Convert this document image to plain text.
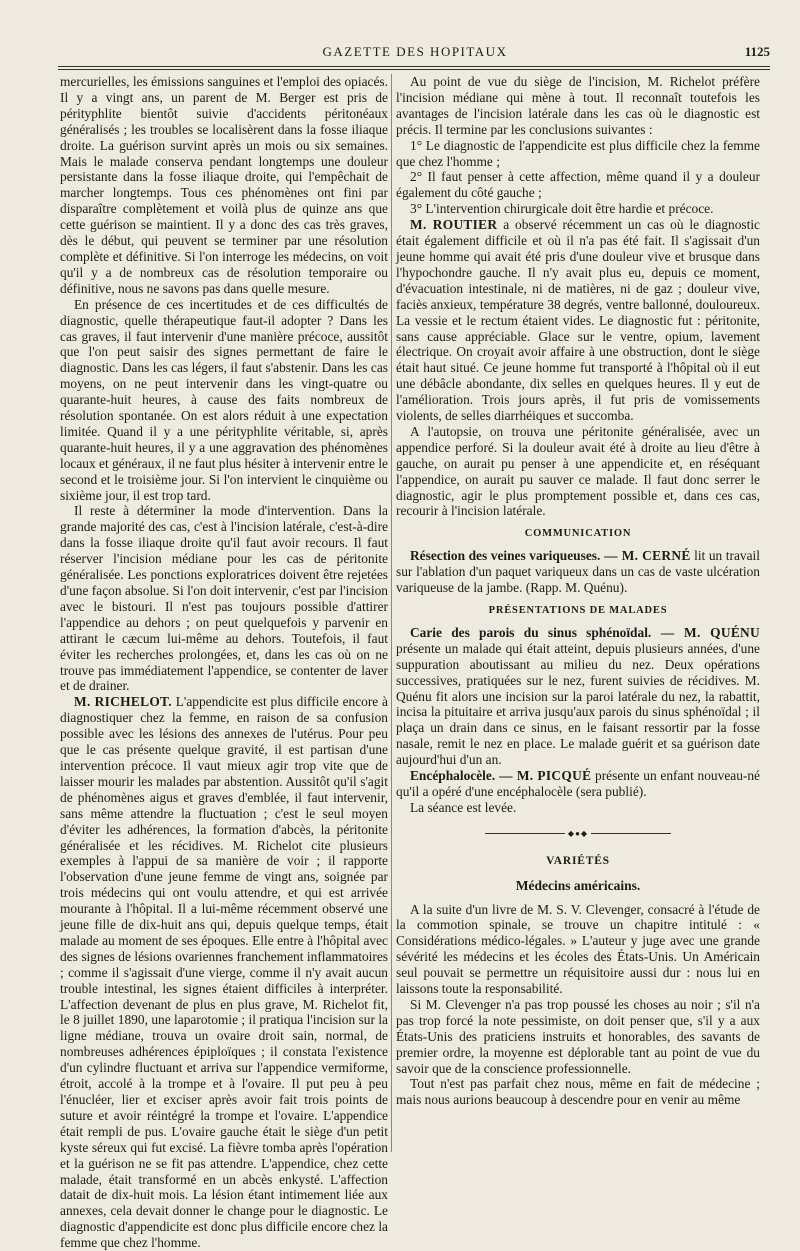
GAZETTE DES HOPITAUX	1125

mercurielles, les émissions sanguines et l'emploi des opiacés. Il y a vingt ans, un parent de M. Berger est pris de pérityphlite bientôt suivie d'accidents péritonéaux généralisés ; les troubles se localisèrent dans la fosse iliaque droite. La guérison survint après un mois ou six semaines. Mais le malade conserva pendant longtemps une douleur persistante dans la fosse iliaque droite, qui l'empêchait de marcher longtemps. Tous ces phénomènes ont fini par disparaître complètement et voilà plus de quinze ans que cette guérison se maintient. Il y a donc des cas très graves, dès le début, qui peuvent se terminer par une résolution complète et définitive. Si l'on interroge les médecins, on voit qu'il y a de nombreux cas de résolution temporaire ou définitive, nous ne savons pas dans quelle mesure.

En présence de ces incertitudes et de ces difficultés de diagnostic, quelle thérapeutique faut-il adopter ? Dans les cas graves, il faut intervenir d'une manière précoce, aussitôt que l'on peut saisir des signes permettant de faire le diagnostic. Dans les cas légers, il faut s'abstenir. Dans les cas moyens, on ne peut intervenir dans les vingt-quatre ou quarante-huit heures, à cause des faits nombreux de résolution spontanée. On est alors réduit à une expectation limitée. Quand il y a une pérityphlite véritable, si, après quarante-huit heures, il y a une aggravation des phénomènes locaux et généraux, il ne faut plus hésiter à intervenir entre le second et le troisième jour. Si l'on intervient le cinquième ou sixième jour, il est trop tard.

Il reste à déterminer la mode d'intervention. Dans la grande majorité des cas, c'est à l'incision latérale, c'est-à-dire dans la fosse iliaque droite qu'il faut avoir recours. Il faut réserver l'incision médiane pour les cas de péritonite généralisée. Les ponctions exploratrices doivent être rejetées d'une façon absolue. Si l'on doit intervenir, c'est par l'incision avec le bistouri. Il n'est pas toujours possible d'attirer l'appendice au dehors ; on peut quelquefois y parvenir en attirant le cæcum lui-même au dehors. Toutefois, il faut éviter les recherches prolongées, et, dans les cas où on ne trouve pas immédiatement l'appendice, se contenter de laver et de drainer.

M. RICHELOT. L'appendicite est plus difficile encore à diagnostiquer chez la femme, en raison de sa confusion possible avec les lésions des annexes de l'utérus. Pour peu que le cas présente quelque gravité, il est partisan d'une intervention précoce. Il vaut mieux agir trop vite que de laisser mourir les malades par abstention. Aussitôt qu'il s'agit de phénomènes aigus et graves d'emblée, il faut intervenir, sans même attendre la fluctuation ; c'est le seul moyen d'éviter les adhérences, la formation d'abcès, la péritonite généralisée et les récidives. M. Richelot cite plusieurs exemples à l'appui de sa manière de voir ; il rapporte l'observation d'une jeune femme de vingt ans, soignée par trois médecins qui ont voulu attendre, et qui est arrivée mourante à l'hôpital. Il a lui-même récemment observé une jeune fille de dix-huit ans qui, depuis quelque temps, était malade au moment de ses époques. Elle entre à l'hôpital avec des signes de lésions ovariennes franchement inflammatoires ; comme il s'agissait d'une vierge, comme il n'y avait aucun trouble intestinal, les signes étaient difficiles à interpréter. L'affection devenant de plus en plus grave, M. Richelot fit, le 8 juillet 1890, une laparotomie ; il pratiqua l'incision sur la ligne médiane, trouva un ovaire droit sain, normal, de nombreuses adhérences épiploïques ; il constata l'existence d'un cylindre fluctuant et arriva sur l'appendice vermiforme, étroit, accolé à la trompe et à l'ovaire. Il put peu à peu l'énucléer, lier et exciser après avoir fait trois points de suture et avoir réintégré la trompe et l'ovaire. L'appendice était rempli de pus. L'ovaire gauche était le siège d'un petit kyste séreux qui fut excisé. La fièvre tomba après l'opération et la guérison ne se fit pas attendre. L'appendice, chez cette malade, était transformé en un abcès enkysté. L'affection datait de dix-huit mois. La lésion étant intimement liée aux annexes, cela devait donner le change pour le diagnostic. Le diagnostic d'appendicite est donc plus difficile encore chez la femme que chez l'homme.

Au point de vue du siège de l'incision, M. Richelot préfère l'incision médiane qui mène à tout. Il reconnaît toutefois les avantages de l'incision latérale dans les cas où le diagnostic est précis. Il termine par les conclusions suivantes :

1° Le diagnostic de l'appendicite est plus difficile chez la femme que chez l'homme ;

2° Il faut penser à cette affection, même quand il y a douleur également du côté gauche ;

3° L'intervention chirurgicale doit être hardie et précoce.

M. ROUTIER a observé récemment un cas où le diagnostic était également difficile et où il n'a pas été fait. Il s'agissait d'un jeune homme qui avait été pris d'une douleur vive et brusque dans l'hypochondre gauche. Il n'y avait plus eu, depuis ce moment, d'évacuation intestinale, ni de matières, ni de gaz ; douleur vive, faciès anxieux, température 38 degrés, ventre ballonné, douloureux. La vessie et le rectum étaient vides. Le diagnostic fut : péritonite, sans cause appréciable. Glace sur le ventre, opium, lavement électrique. On croyait avoir affaire à une obstruction, dont le siège était haut situé. Ce jeune homme fut transporté à l'hôpital où il eut une débâcle abondante, dix selles en quelques heures. Il y eut de l'amélioration. Trois jours après, il fut pris de vomissements violents, de selles diarrhéiques et succomba.

A l'autopsie, on trouva une péritonite généralisée, avec un appendice perforé. Si la douleur avait été à droite au lieu d'être à gauche, on aurait pu penser à une appendicite et, en réséquant l'appendice, on aurait pu sauver ce malade. Il faut donc serrer le diagnostic, agir le plus promptement possible et, dans ces cas, recourir à l'incision latérale.

COMMUNICATION

Résection des veines variqueuses. — M. CERNÉ lit un travail sur l'ablation d'un paquet variqueux dans un cas de vaste ulcération variqueuse de la jambe. (Rapp. M. Quénu).

PRÉSENTATIONS DE MALADES

Carie des parois du sinus sphénoïdal. — M. QUÉNU présente un malade qui était atteint, depuis plusieurs années, d'une suppuration aboutissant au milieu du nez. Deux opérations successives, pratiquées sur le nez, furent suivies de récidives. M. Quénu fit alors une incision sur la paroi latérale du nez, la rabattit, incisa la pituitaire et arriva jusqu'aux parois du sinus sphénoïdal ; il plaça un drain dans ce sinus, en le faisant ressortir par la fosse nasale, remit le nez en place. Le malade guérit et sa guérison date aujourd'hui d'un an.

Encéphalocèle. — M. PICQUÉ présente un enfant nouveau-né qu'il a opéré d'une encéphalocèle (sera publié).

La séance est levée.

◆●◆
VARIÉTÉS
Médecins américains.

A la suite d'un livre de M. S. V. Clevenger, consacré à l'étude de la commotion spinale, se trouve un chapitre intitulé : « Considérations médico-légales. » L'auteur y juge avec une grande sévérité les médecins et les écoles des États-Unis. Un Américain seul pouvait se permettre un réquisitoire aussi dur : nous lui en laissons toute la responsabilité.

Si M. Clevenger n'a pas trop poussé les choses au noir ; s'il n'a pas trop forcé la note pessimiste, on doit penser que, s'il y a aux États-Unis des praticiens instruits et honorables, des savants de premier ordre, la moyenne est déplorable tant au point de vue du savoir que de la conscience professionnelle.

Tout n'est pas parfait chez nous, même en fait de médecine ; mais nous aurions beaucoup à descendre pour en venir au même
